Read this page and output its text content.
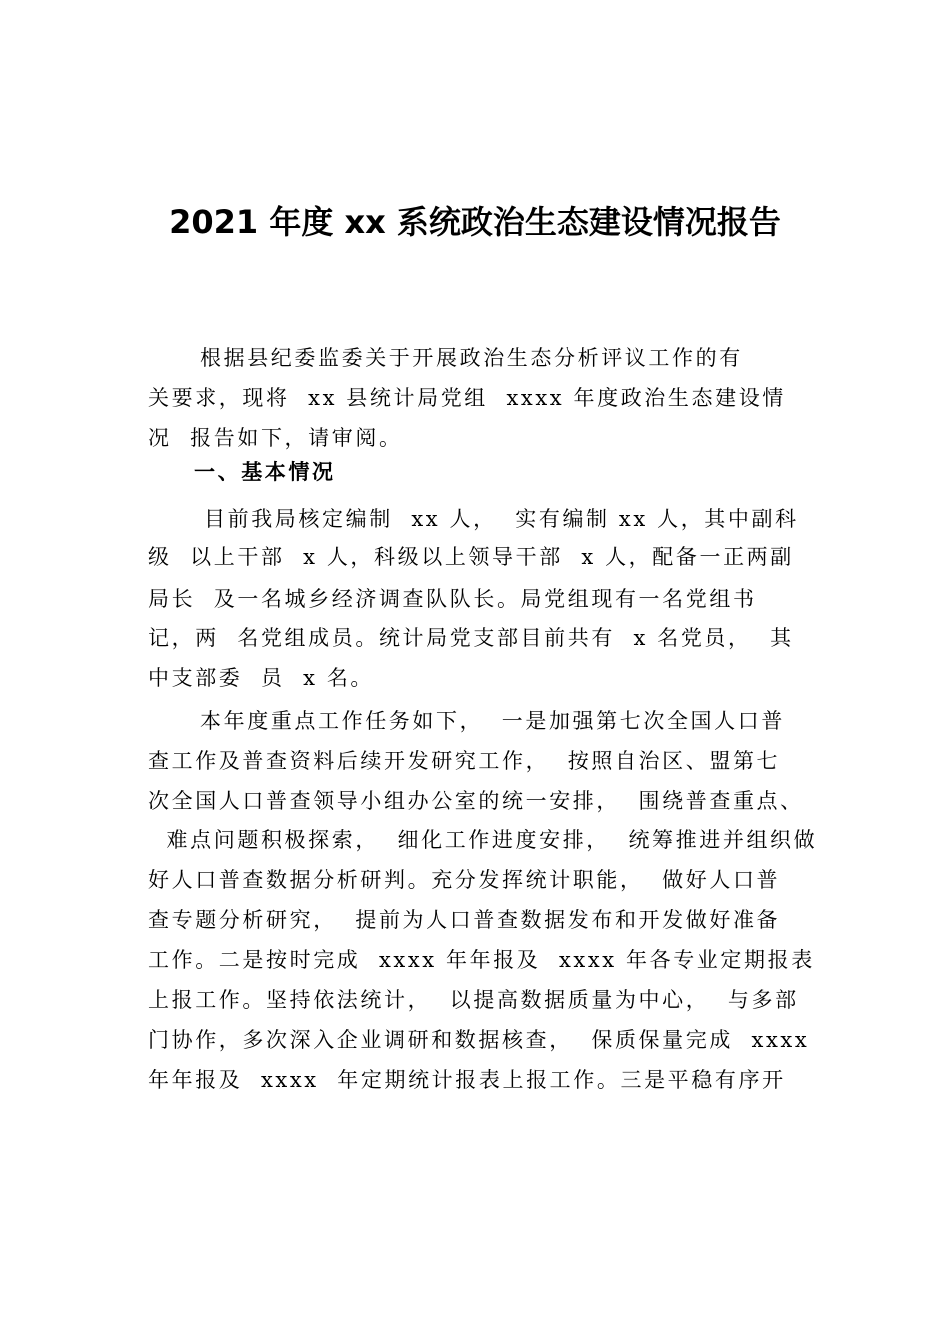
2021 年度 xx 系统政治生态建设情况报告
根据县纪委监委关于开展政治生态分析评议工作的有
关要求，现将  xx 县统计局党组  xxxx 年度政治生态建设情
况  报告如下，请审阅。
一、基本情况
目前我局核定编制  xx 人，  实有编制 xx 人，其中副科
级  以上干部  x 人，科级以上领导干部  x 人，配备一正两副
局长  及一名城乡经济调查队队长。局党组现有一名党组书
记，两  名党组成员。统计局党支部目前共有  x 名党员，  其
中支部委  员  x 名。
本年度重点工作任务如下，  一是加强第七次全国人口普
查工作及普查资料后续开发研究工作，  按照自治区、盟第七
次全国人口普查领导小组办公室的统一安排，  围绕普查重点、
难点问题积极探索，  细化工作进度安排，  统筹推进并组织做
好人口普查数据分析研判。充分发挥统计职能，  做好人口普
查专题分析研究，  提前为人口普查数据发布和开发做好准备
工作。二是按时完成  xxxx 年年报及  xxxx 年各专业定期报表
上报工作。坚持依法统计，  以提高数据质量为中心，  与多部
门协作，多次深入企业调研和数据核查，  保质保量完成  xxxx
年年报及  xxxx  年定期统计报表上报工作。三是平稳有序开
